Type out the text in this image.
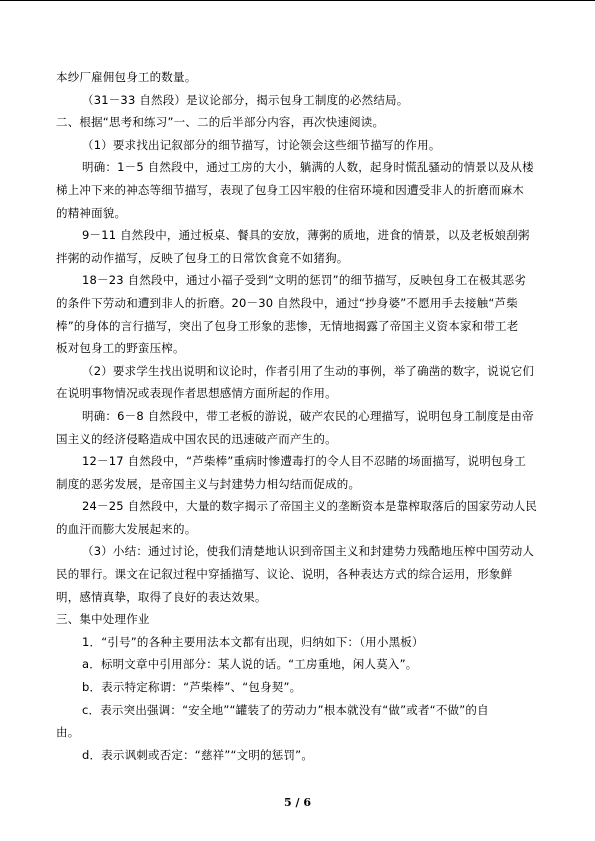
本纱厂雇佣包身工的数量。
（31－33 自然段）是议论部分，揭示包身工制度的必然结局。
二、根据“思考和练习”一、二的后半部分内容，再次快速阅读。
（1）要求找出记叙部分的细节描写，讨论领会这些细节描写的作用。
明确：1－5 自然段中，通过工房的大小，躺满的人数，起身时慌乱骚动的情景以及从楼
梯上冲下来的神态等细节描写，表现了包身工囚牢般的住宿环境和因遭受非人的折磨而麻木
的精神面貌。
9－11 自然段中，通过板桌、餐具的安放，薄粥的质地，进食的情景，以及老板娘刮粥
拌粥的动作描写，反映了包身工的日常饮食竟不如猪狗。
18－23 自然段中，通过小福子受到“文明的惩罚”的细节描写，反映包身工在极其恶劣
的条件下劳动和遭到非人的折磨。20－30 自然段中，通过“抄身婆”不愿用手去接触“芦柴
棒”的身体的言行描写，突出了包身工形象的悲惨，无情地揭露了帝国主义资本家和带工老
板对包身工的野蛮压榨。
（2）要求学生找出说明和议论时，作者引用了生动的事例，举了确凿的数字，说说它们
在说明事物情况或表现作者思想感情方面所起的作用。
明确：6－8 自然段中，带工老板的游说，破产农民的心理描写，说明包身工制度是由帝
国主义的经济侵略造成中国农民的迅速破产而产生的。
12－17 自然段中，“芦柴棒”重病时惨遭毒打的令人目不忍睹的场面描写，说明包身工
制度的恶劣发展，是帝国主义与封建势力相勾结而促成的。
24－25 自然段中，大量的数字揭示了帝国主义的垄断资本是靠榨取落后的国家劳动人民
的血汗而膨大发展起来的。
（3）小结：通过讨论，使我们清楚地认识到帝国主义和封建势力残酷地压榨中国劳动人
民的罪行。课文在记叙过程中穿插描写、议论、说明，各种表达方式的综合运用，形象鲜
明，感情真挚，取得了良好的表达效果。
三、集中处理作业
1．“引号”的各种主要用法本文都有出现，归纳如下：（用小黑板）
a．标明文章中引用部分：某人说的话。“工房重地，闲人莫入”。
b．表示特定称谓：“芦柴棒”、“包身契”。
c．表示突出强调：“安全地”“罐装了的劳动力”根本就没有“做”或者“不做”的自
由。
d．表示讽刺或否定：“慈祥”“文明的惩罚”。
5 / 6
